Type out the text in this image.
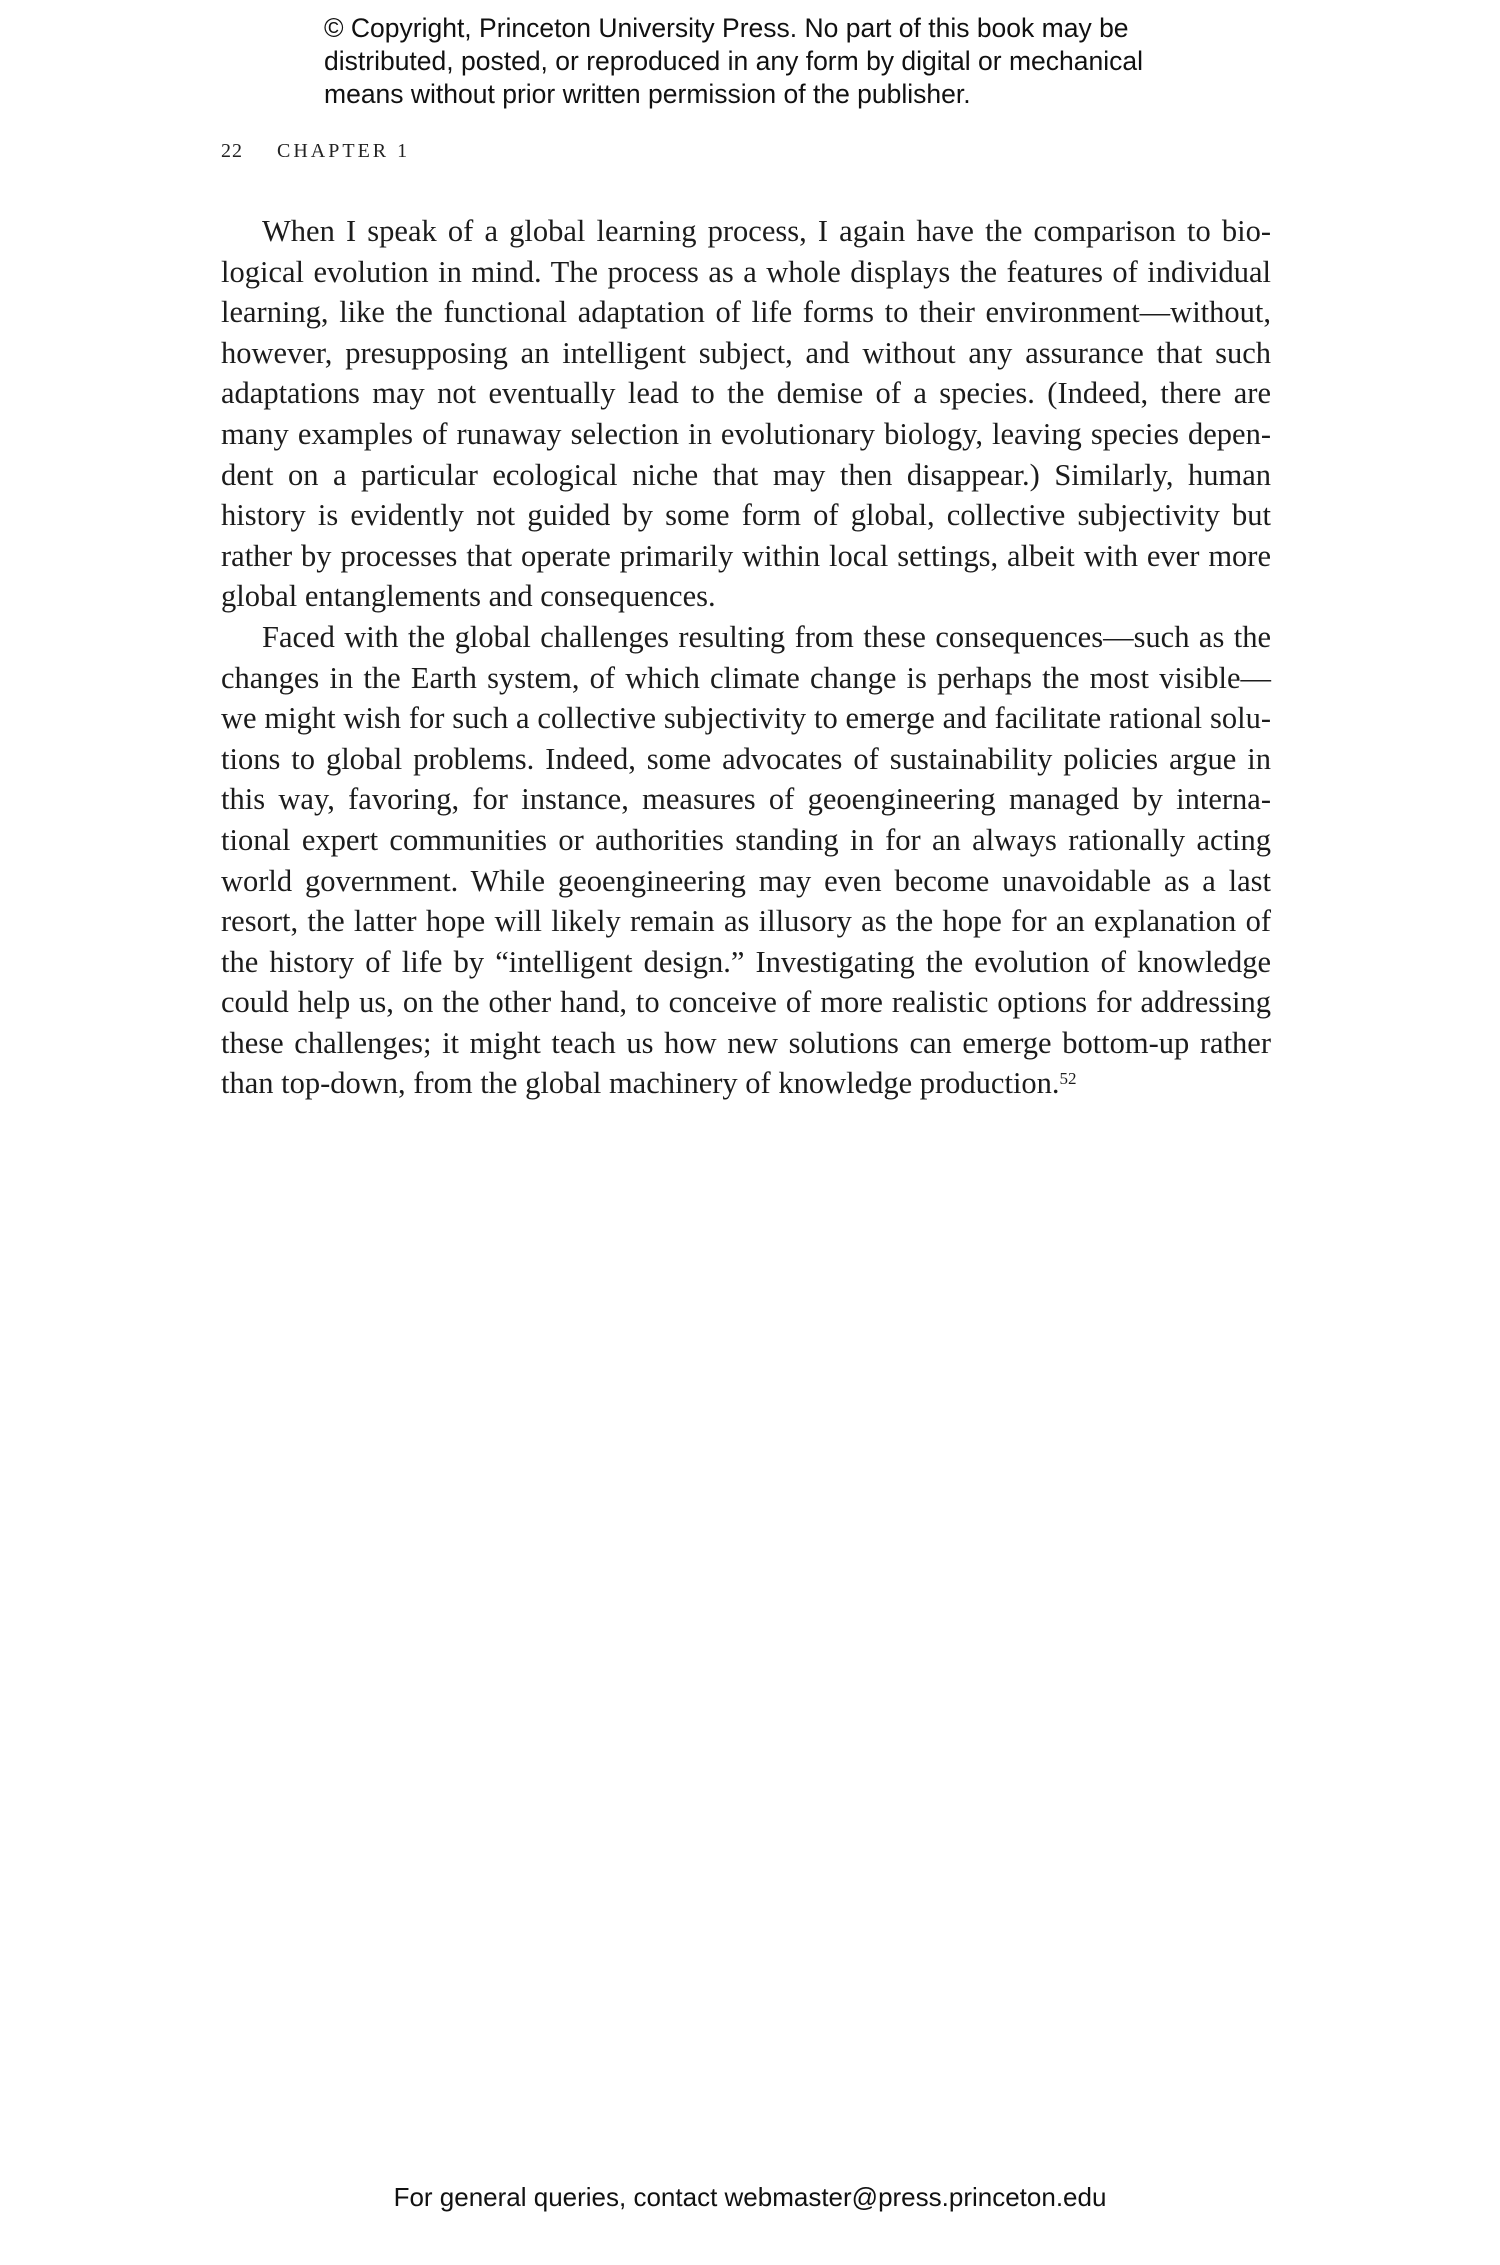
© Copyright, Princeton University Press. No part of this book may be
distributed, posted, or reproduced in any form by digital or mechanical
means without prior written permission of the publisher.
22 CHAPTER 1
When I speak of a global learning process, I again have the comparison to bio-
logical evolution in mind. The process as a whole displays the features of individual
learning, like the functional adaptation of life forms to their environment—without,
however, presupposing an intelligent subject, and without any assurance that such
adaptations may not eventually lead to the demise of a species. (Indeed, there are
many examples of runaway selection in evolutionary biology, leaving species depen-
dent on a particular ecological niche that may then disappear.) Similarly, human
history is evidently not guided by some form of global, collective subjectivity but
rather by processes that operate primarily within local settings, albeit with ever more
global entanglements and consequences.
Faced with the global challenges resulting from these consequences—such as the
changes in the Earth system, of which climate change is perhaps the most visible—
we might wish for such a collective subjectivity to emerge and facilitate rational solu-
tions to global problems. Indeed, some advocates of sustainability policies argue in
this way, favoring, for instance, measures of geoengineering managed by interna-
tional expert communities or authorities standing in for an always rationally acting
world government. While geoengineering may even become unavoidable as a last
resort, the latter hope will likely remain as illusory as the hope for an explanation of
the history of life by “intelligent design.” Investigating the evolution of knowledge
could help us, on the other hand, to conceive of more realistic options for addressing
these challenges; it might teach us how new solutions can emerge bottom-up rather
than top-down, from the global machinery of knowledge production.$^{52}$
For general queries, contact webmaster@press.princeton.edu
